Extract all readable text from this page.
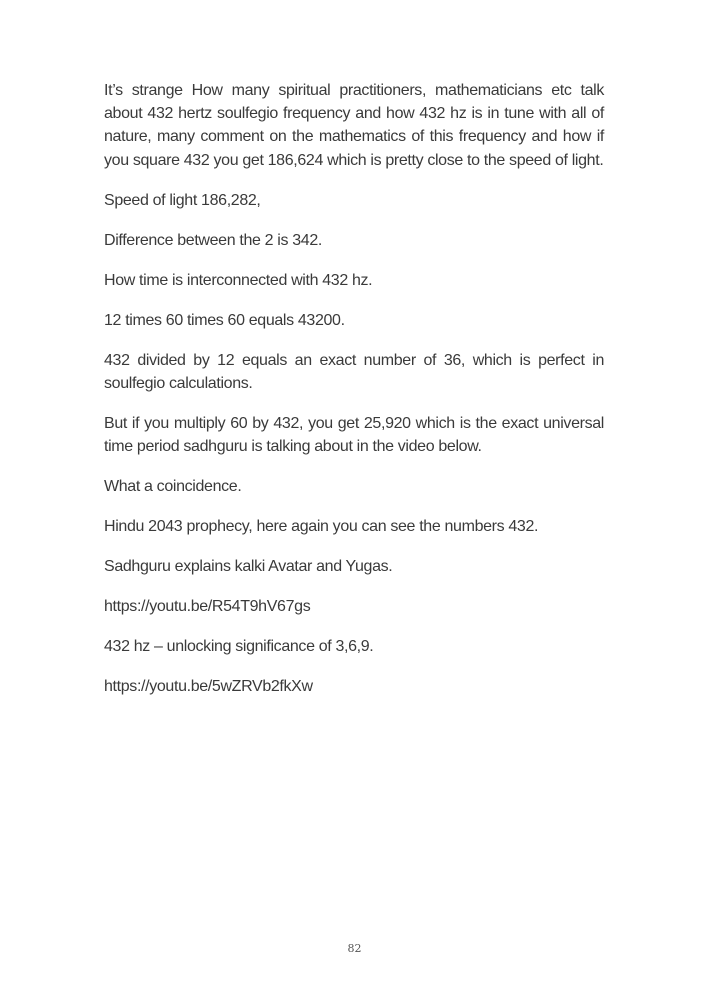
It’s strange How many spiritual practitioners, mathematicians etc talk about 432 hertz soulfegio frequency and how 432 hz is in tune with all of nature, many comment on the mathematics of this frequency and how if you square 432 you get 186,624 which is pretty close to the speed of light.

Speed of light 186,282,

Difference between the 2 is 342.

How time is interconnected with 432 hz.

12 times 60 times 60 equals 43200.

432 divided by 12 equals an exact number of 36, which is perfect in soulfegio calculations.

But if you multiply 60 by 432, you get 25,920 which is the exact universal time period sadhguru is talking about in the video below.

What a coincidence.

Hindu 2043 prophecy, here again you can see the numbers 432.

Sadhguru explains kalki Avatar and Yugas.

https://youtu.be/R54T9hV67gs

432 hz – unlocking significance of 3,6,9.

https://youtu.be/5wZRVb2fkXw

82
